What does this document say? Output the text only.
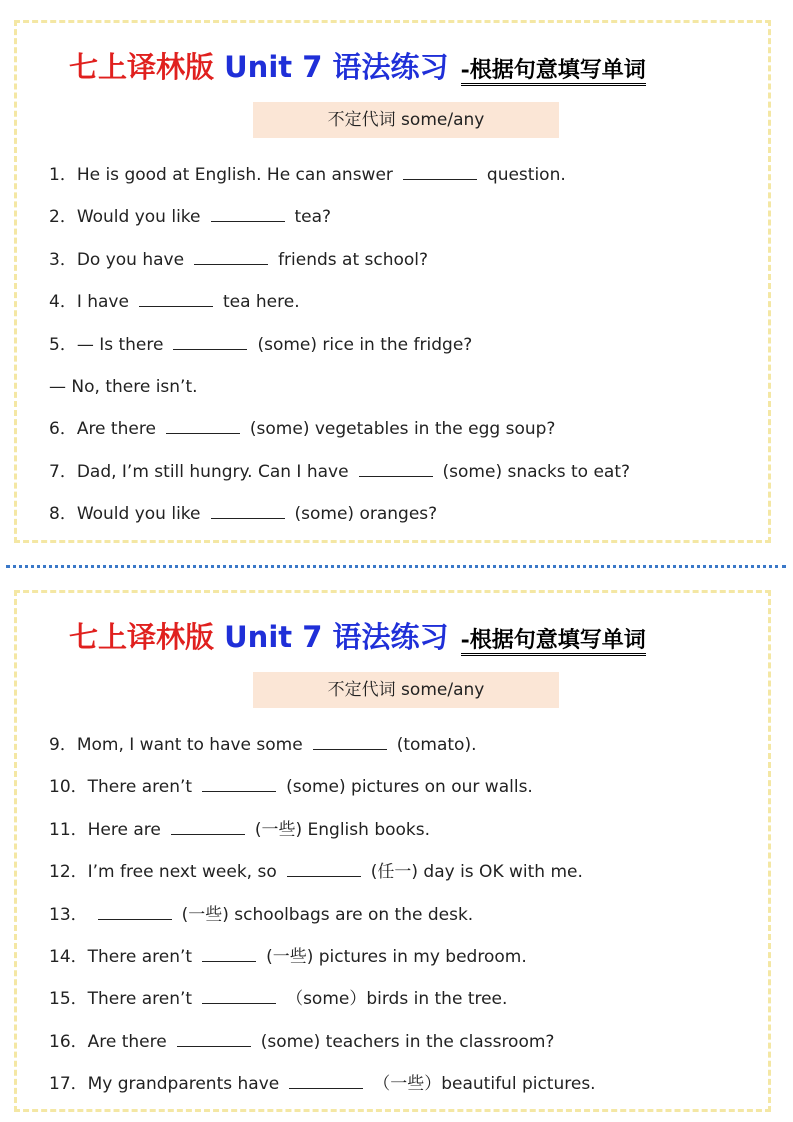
七上译林版 Unit 7 语法练习 -根据句意填写单词
不定代词 some/any
1．He is good at English. He can answer	question.
2．Would you like	tea?
3．Do you have	friends at school?
4．I have	tea here.
5．— Is there	(some) rice in the fridge?
— No, there isn’t.
6．Are there	(some) vegetables in the egg soup?
7．Dad, I’m still hungry. Can I have	(some) snacks to eat?
8．Would you like	(some) oranges?
七上译林版 Unit 7 语法练习 -根据句意填写单词
不定代词 some/any
9．Mom, I want to have some	(tomato).
10．There aren’t	(some) pictures on our walls.
11．Here are	(一些) English books.
12．I’m free next week, so	(任一) day is OK with me.
13．	(一些) schoolbags are on the desk.
14．There aren’t	(一些) pictures in my bedroom.
15．There aren’t	（some）birds in the tree.
16．Are there	(some) teachers in the classroom?
17．My grandparents have	（一些）beautiful pictures.
